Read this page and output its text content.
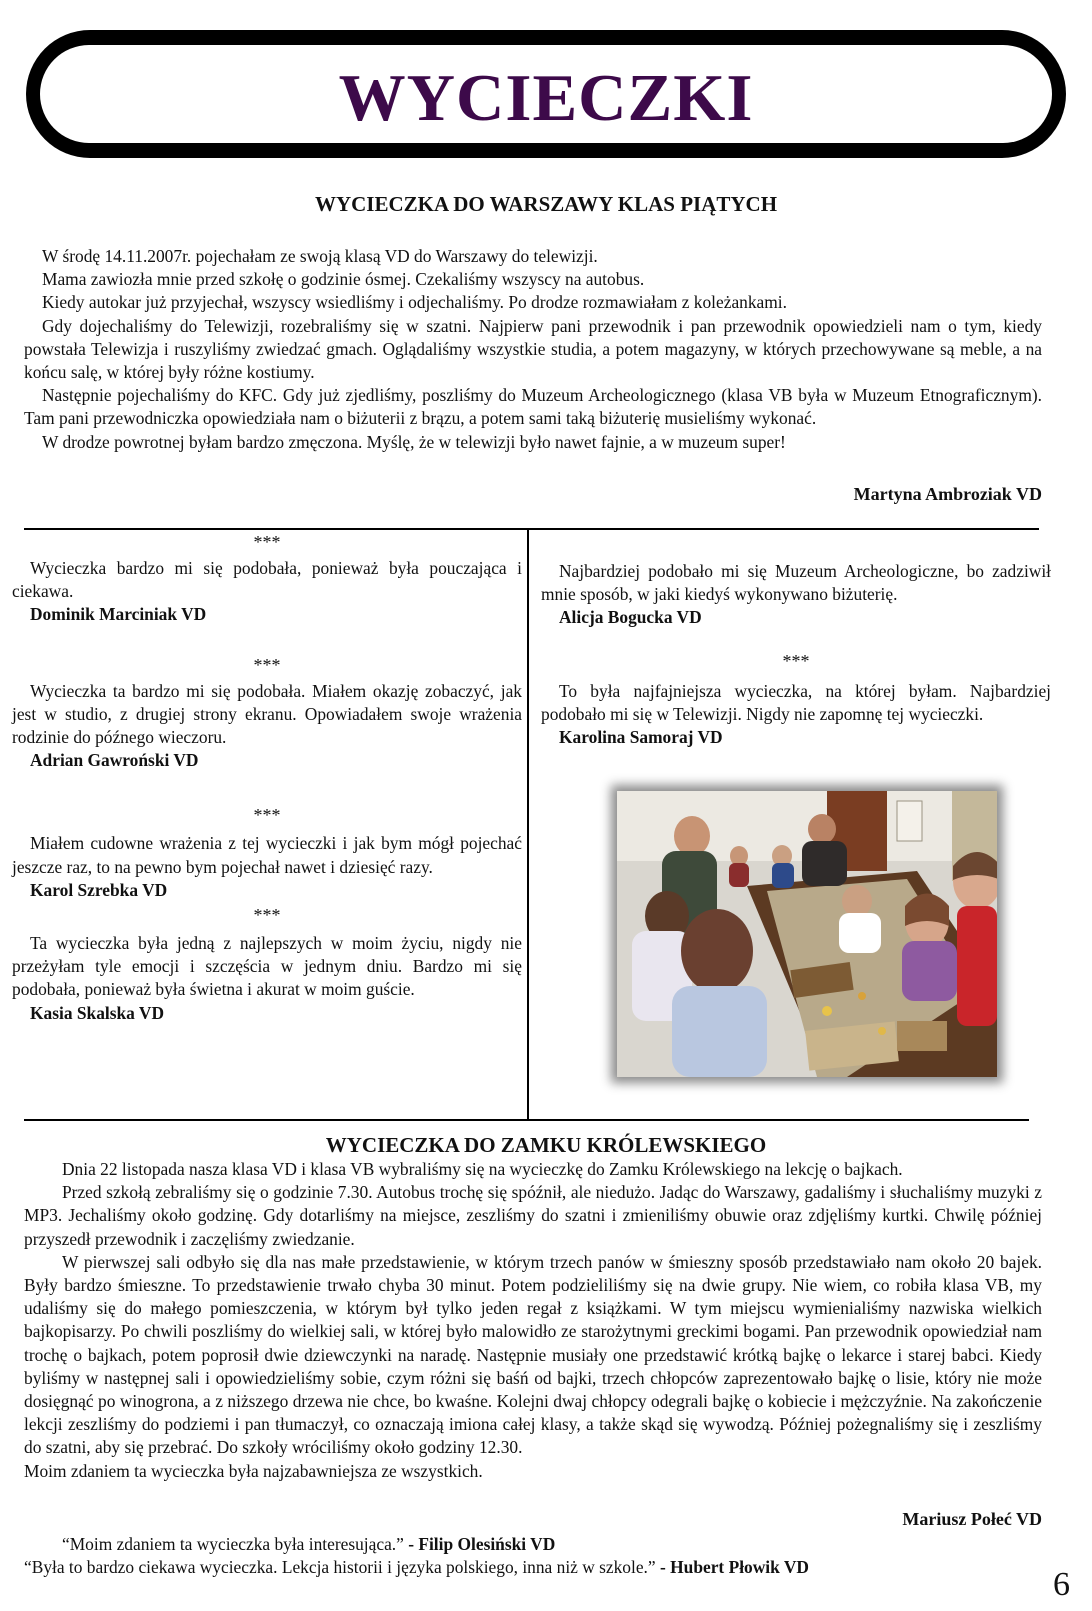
WYCIECZKI
WYCIECZKA DO WARSZAWY KLAS PIĄTYCH

W środę 14.11.2007r. pojechałam ze swoją klasą VD do Warszawy do telewizji.

Mama zawiozła mnie przed szkołę o godzinie ósmej. Czekaliśmy wszyscy na autobus.

Kiedy autokar już przyjechał, wszyscy wsiedliśmy i odjechaliśmy. Po drodze rozmawiałam z koleżankami.

Gdy dojechaliśmy do Telewizji, rozebraliśmy się w szatni. Najpierw pani przewodnik i pan przewodnik opowiedzieli nam o tym, kiedy powstała Telewizja i ruszyliśmy zwiedzać gmach. Oglądaliśmy wszystkie studia, a potem magazyny, w których przechowywane są meble, a na końcu salę, w której były różne kostiumy.

Następnie pojechaliśmy do KFC. Gdy już zjedliśmy, poszliśmy do Muzeum Archeologicznego (klasa VB była w Muzeum Etnograficznym). Tam pani przewodniczka opowiedziała nam o biżuterii z brązu, a potem sami taką biżuterię musieliśmy wykonać.

W drodze powrotnej byłam bardzo zmęczona. Myślę, że w telewizji było nawet fajnie, a w muzeum super!

Martyna Ambroziak VD
***

Wycieczka bardzo mi się podobała, ponieważ była pouczająca i ciekawa.

Dominik Marciniak VD
***

Wycieczka ta bardzo mi się podobała. Miałem okazję zobaczyć, jak jest w studio, z drugiej strony ekranu. Opowiadałem swoje wrażenia rodzinie do późnego wieczoru.

Adrian Gawroński VD
***

Miałem cudowne wrażenia z tej wycieczki i jak bym mógł pojechać jeszcze raz, to na pewno bym pojechał nawet i dziesięć razy.

Karol Szrebka VD
***

Ta wycieczka była jedną z najlepszych w moim życiu, nigdy nie przeżyłam tyle emocji i szczęścia w jednym dniu. Bardzo mi się podobała, ponieważ była świetna i akurat w moim guście.

Kasia Skalska VD

Najbardziej podobało mi się Muzeum Archeologiczne, bo zadziwił mnie sposób, w jaki kiedyś wykonywano biżuterię.

Alicja Bogucka VD
***

To była najfajniejsza wycieczka, na której byłam. Najbardziej podobało mi się w Telewizji. Nigdy nie zapomnę tej wycieczki.

Karolina Samoraj VD
WYCIECZKA DO ZAMKU KRÓLEWSKIEGO

Dnia 22 listopada nasza klasa VD i klasa VB wybraliśmy się na wycieczkę do Zamku Królewskiego na lekcję o bajkach.

Przed szkołą zebraliśmy się o godzinie 7.30. Autobus trochę się spóźnił, ale niedużo. Jadąc do Warszawy, gadaliśmy i słuchaliśmy muzyki z MP3. Jechaliśmy około godzinę. Gdy dotarliśmy na miejsce, zeszliśmy do szatni i zmieniliśmy obuwie oraz zdjęliśmy kurtki. Chwilę później przyszedł przewodnik i zaczęliśmy zwiedzanie.

W pierwszej sali odbyło się dla nas małe przedstawienie, w którym trzech panów w śmieszny sposób przedstawiało nam około 20 bajek. Były bardzo śmieszne. To przedstawienie trwało chyba 30 minut. Potem podzieliliśmy się na dwie grupy. Nie wiem, co robiła klasa VB, my udaliśmy się do małego pomieszczenia, w którym był tylko jeden regał z książkami. W tym miejscu wymienialiśmy nazwiska wielkich bajkopisarzy. Po chwili poszliśmy do wielkiej sali, w której było malowidło ze starożytnymi greckimi bogami. Pan przewodnik opowiedział nam trochę o bajkach, potem poprosił dwie dziewczynki na naradę. Następnie musiały one przedstawić krótką bajkę o lekarce i starej babci. Kiedy byliśmy w następnej sali i opowiedzieliśmy sobie, czym różni się baśń od bajki, trzech chłopców zaprezentowało bajkę o lisie, który nie może dosięgnąć po winogrona, a z niższego drzewa nie chce, bo kwaśne. Kolejni dwaj chłopcy odegrali bajkę o kobiecie i mężczyźnie. Na zakończenie lekcji zeszliśmy do podziemi i pan tłumaczył, co oznaczają imiona całej klasy, a także skąd się wywodzą. Później pożegnaliśmy się i zeszliśmy do szatni, aby się przebrać. Do szkoły wróciliśmy około godziny 12.30.

Moim zdaniem ta wycieczka była najzabawniejsza ze wszystkich.

Mariusz Połeć VD
“Moim zdaniem ta wycieczka była interesująca.” - Filip Olesiński VD
“Była to bardzo ciekawa wycieczka. Lekcja historii i języka polskiego, inna niż w szkole.” - Hubert Płowik VD	6
